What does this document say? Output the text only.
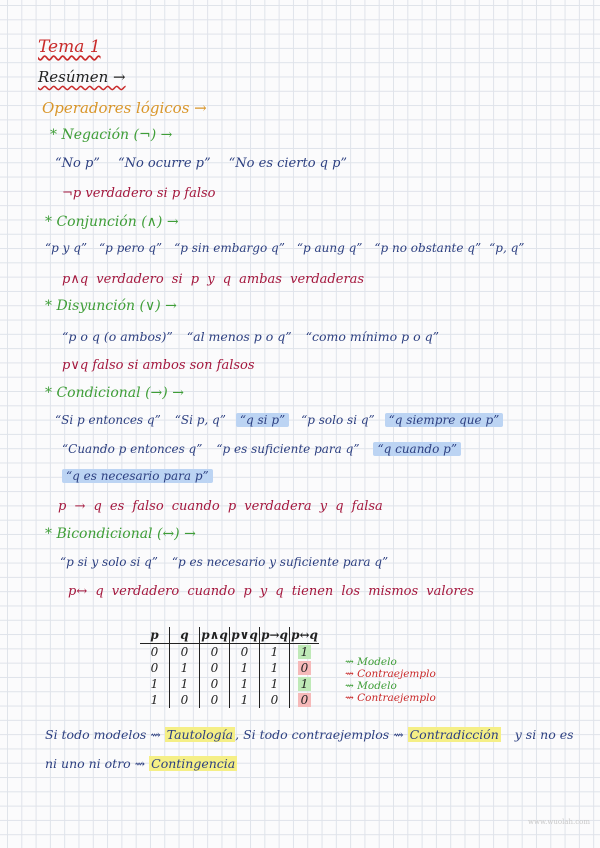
Tema 1
Resúmen →
Operadores lógicos →
* Negación (¬) →
“No p” “No ocurre p” “No es cierto q p”
¬p verdadero si p falso
* Conjunción (∧) →
“p y q” “p pero q” “p sin embargo q” “p aung q” “p no obstante q” “p, q”
p∧q verdadero si p y q ambas verdaderas
* Disyunción (∨) →
“p o q (o ambos)” “al menos p o q” “como mínimo p o q”
p∨q falso si ambos son falsos
* Condicional (→) →
“Si p entonces q” “Si p, q” “q si p” “p solo si q” “q siempre que p”
“Cuando p entonces q” “p es suficiente para q” “q cuando p”
“q es necesario para p”
p → q es falso cuando p verdadera y q falsa
* Bicondicional (↔) →
“p si y solo si q” “p es necesario y suficiente para q”
p↔ q verdadero cuando p y q tienen los mismos valores
p	q	p∧q	p∨q	p→q	p↔q
0	0	0	0	1	1
0	1	0	1	1	0
1	1	0	1	1	1
1	0	0	1	0	0
⇝ Modelo
⇝ Contraejemplo
⇝ Modelo
⇝ Contraejemplo
Si todo modelos ⇝ Tautología , Si todo contraejemplos ⇝ Contradicción y si no es
ni uno ni otro ⇝ Contingencia
www.wuolah.com
